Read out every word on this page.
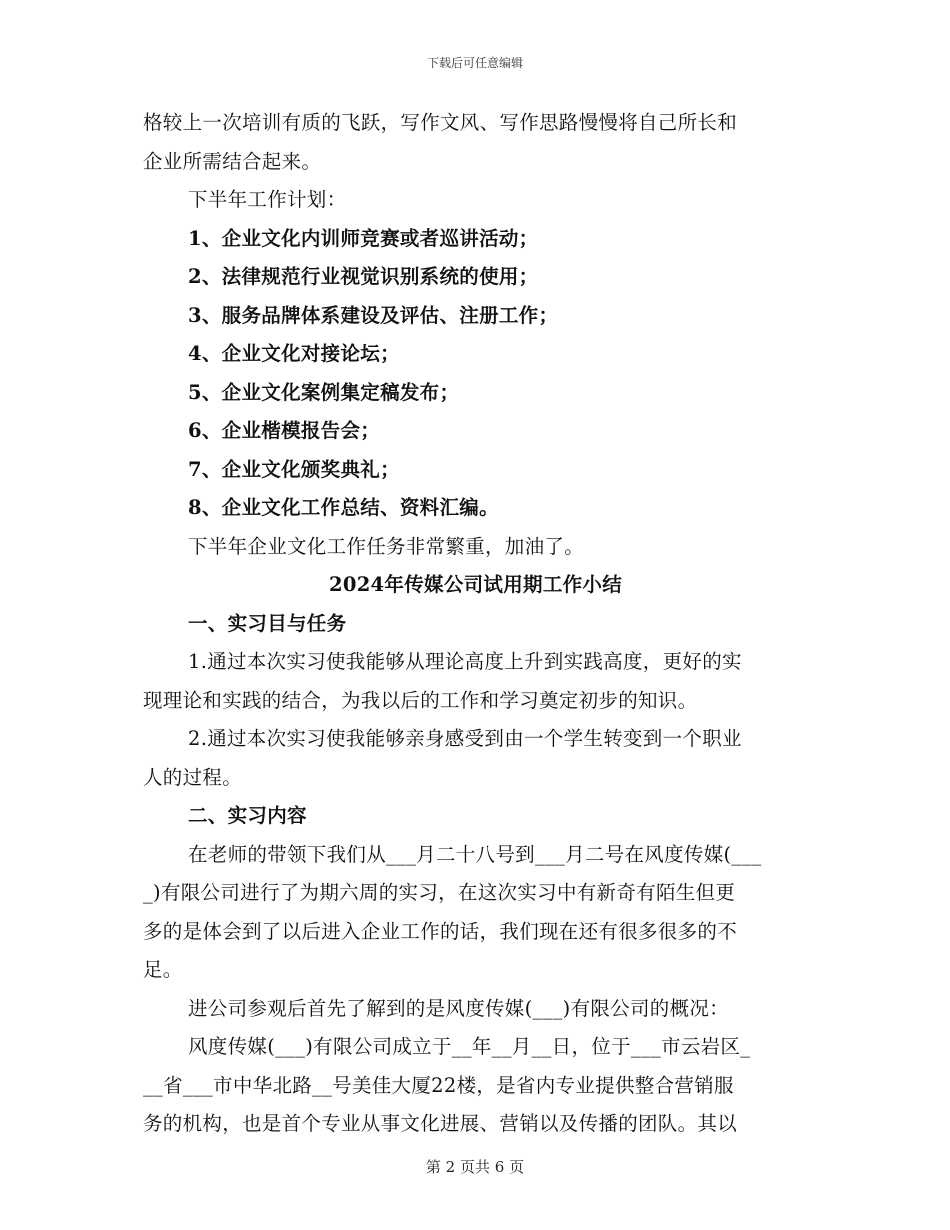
下载后可任意编辑
格较上一次培训有质的飞跃，写作文风、写作思路慢慢将自己所长和
企业所需结合起来。
下半年工作计划：
1、企业文化内训师竞赛或者巡讲活动；
2、法律规范行业视觉识别系统的使用；
3、服务品牌体系建设及评估、注册工作；
4、企业文化对接论坛；
5、企业文化案例集定稿发布；
6、企业楷模报告会；
7、企业文化颁奖典礼；
8、企业文化工作总结、资料汇编。
下半年企业文化工作任务非常繁重，加油了。
2024年传媒公司试用期工作小结
一、实习目与任务
1.通过本次实习使我能够从理论高度上升到实践高度，更好的实
现理论和实践的结合，为我以后的工作和学习奠定初步的知识。
2.通过本次实习使我能够亲身感受到由一个学生转变到一个职业
人的过程。
二、实习内容
在老师的带领下我们从___月二十八号到___月二号在风度传媒(___
_)有限公司进行了为期六周的实习，在这次实习中有新奇有陌生但更
多的是体会到了以后进入企业工作的话，我们现在还有很多很多的不
足。
进公司参观后首先了解到的是风度传媒(___)有限公司的概况：
风度传媒(___)有限公司成立于__年__月__日，位于___市云岩区_
__省___市中华北路__号美佳大厦22楼，是省内专业提供整合营销服
务的机构，也是首个专业从事文化进展、营销以及传播的团队。其以
第 2 页共 6 页
